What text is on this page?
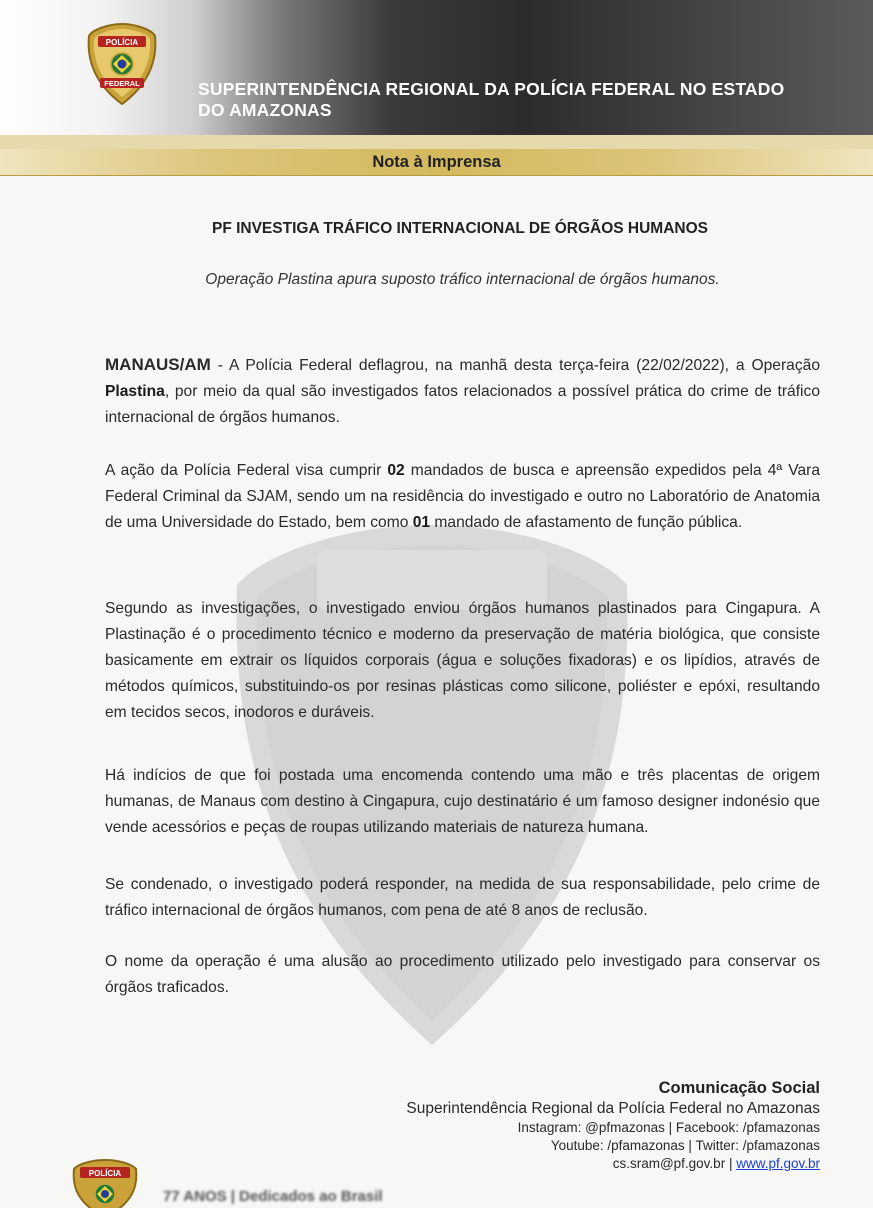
POLÍCIA
FEDERAL	SUPERINTENDÊNCIA REGIONAL DA POLÍCIA FEDERAL NO ESTADO
DO AMAZONAS
Nota à Imprensa
PF INVESTIGA TRÁFICO INTERNACIONAL DE ÓRGÃOS HUMANOS
Operação Plastina apura suposto tráfico internacional de órgãos humanos.
MANAUS/AM - A Polícia Federal deflagrou, na manhã desta terça-feira (22/02/2022), a Operação Plastina, por meio da qual são investigados fatos relacionados a possível prática do crime de tráfico internacional de órgãos humanos.
A ação da Polícia Federal visa cumprir 02 mandados de busca e apreensão expedidos pela 4ª Vara Federal Criminal da SJAM, sendo um na residência do investigado e outro no Laboratório de Anatomia de uma Universidade do Estado, bem como 01 mandado de afastamento de função pública.
Segundo as investigações, o investigado enviou órgãos humanos plastinados para Cingapura. A Plastinação é o procedimento técnico e moderno da preservação de matéria biológica, que consiste basicamente em extrair os líquidos corporais (água e soluções fixadoras) e os lipídios, através de métodos químicos, substituindo-os por resinas plásticas como silicone, poliéster e epóxi, resultando em tecidos secos, inodoros e duráveis.
Há indícios de que foi postada uma encomenda contendo uma mão e três placentas de origem humanas, de Manaus com destino à Cingapura, cujo destinatário é um famoso designer indonésio que vende acessórios e peças de roupas utilizando materiais de natureza humana.
Se condenado, o investigado poderá responder, na medida de sua responsabilidade, pelo crime de tráfico internacional de órgãos humanos, com pena de até 8 anos de reclusão.
O nome da operação é uma alusão ao procedimento utilizado pelo investigado para conservar os órgãos traficados.
Comunicação Social
Superintendência Regional da Polícia Federal no Amazonas
Instagram: @pfmazonas | Facebook: /pfamazonas
Youtube: /pfamazonas | Twitter: /pfamazonas
cs.sram@pf.gov.br | www.pf.gov.br
POLÍCIA
77 ANOS | Dedicados ao Brasil
